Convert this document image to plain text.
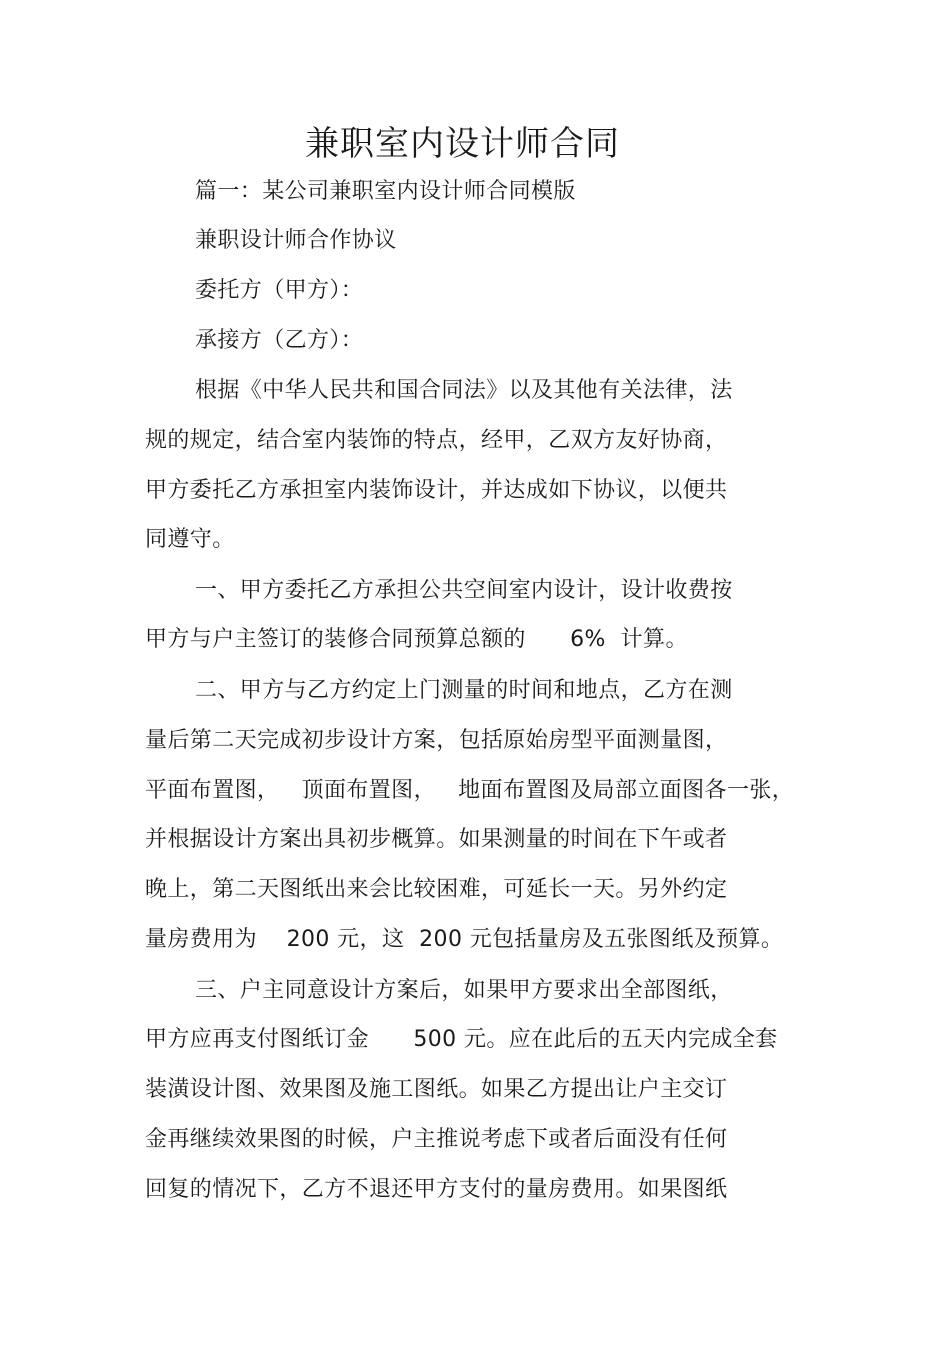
兼职室内设计师合同
篇一：某公司兼职室内设计师合同模版
兼职设计师合作协议
委托方（甲方）：
承接方（乙方）：
根据《中华人民共和国合同法》以及其他有关法律，法
规的规定，结合室内装饰的特点，经甲，乙双方友好协商，
甲方委托乙方承担室内装饰设计，并达成如下协议，以便共
同遵守。
一、甲方委托乙方承担公共空间室内设计，设计收费按
甲方与户主签订的装修合同预算总额的      6%  计算。
二、甲方与乙方约定上门测量的时间和地点，乙方在测
量后第二天完成初步设计方案，包括原始房型平面测量图，
平面布置图，   顶面布置图，   地面布置图及局部立面图各一张，
并根据设计方案出具初步概算。如果测量的时间在下午或者
晚上，第二天图纸出来会比较困难，可延长一天。另外约定
量房费用为    200 元，这  200 元包括量房及五张图纸及预算。
三、户主同意设计方案后，如果甲方要求出全部图纸，
甲方应再支付图纸订金      500 元。应在此后的五天内完成全套
装潢设计图、效果图及施工图纸。如果乙方提出让户主交订
金再继续效果图的时候，户主推说考虑下或者后面没有任何
回复的情况下，乙方不退还甲方支付的量房费用。如果图纸
